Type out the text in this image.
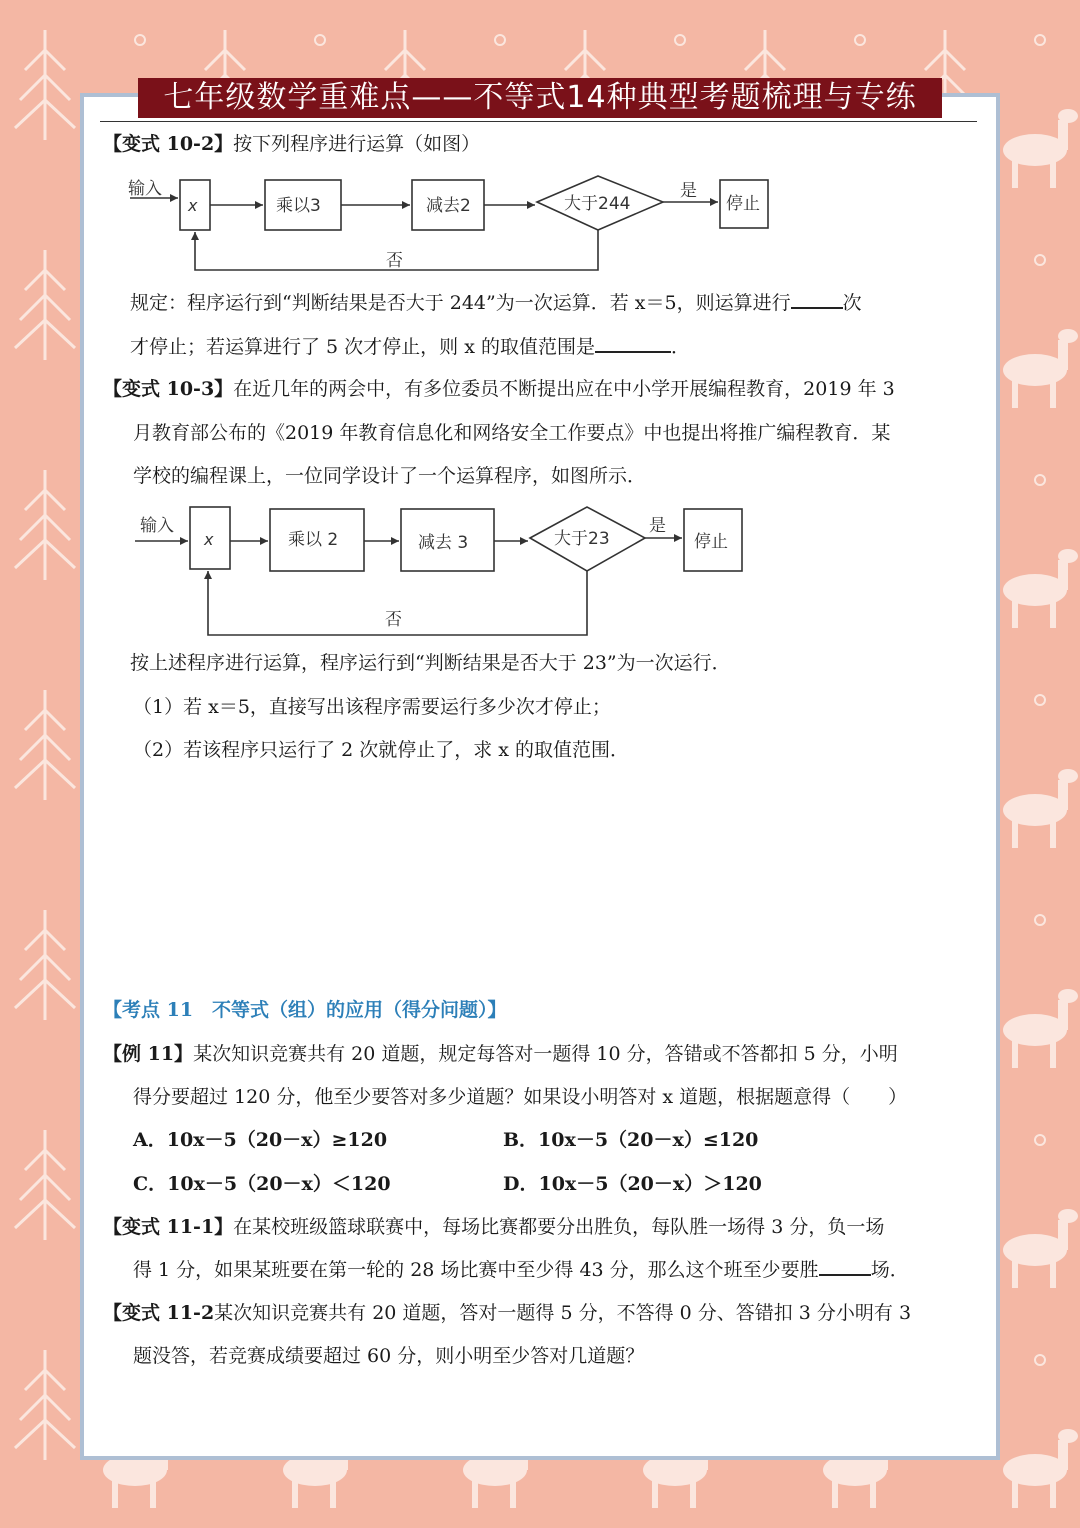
七年级数学重难点——不等式14种典型考题梳理与专练
【变式 10-2】按下列程序进行运算（如图）
输入
x	乘以3	减去2	大于244
是
停止
否
规定：程序运行到“判断结果是否大于 244”为一次运算．若 x＝5，则运算进行	次
才停止；若运算进行了 5 次才停止，则 x 的取值范围是	．
【变式 10-3】在近几年的两会中，有多位委员不断提出应在中小学开展编程教育，2019 年 3
月教育部公布的《2019 年教育信息化和网络安全工作要点》中也提出将推广编程教育．某
学校的编程课上，一位同学设计了一个运算程序，如图所示．
输入
x	乘以 2	减去 3	大于23
是
停止
否
按上述程序进行运算，程序运行到“判断结果是否大于 23”为一次运行．
（1）若 x＝5，直接写出该程序需要运行多少次才停止；
（2）若该程序只运行了 2 次就停止了，求 x 的取值范围．
【考点 11　不等式（组）的应用（得分问题）】
【例 11】某次知识竞赛共有 20 道题，规定每答对一题得 10 分，答错或不答都扣 5 分，小明
得分要超过 120 分，他至少要答对多少道题？如果设小明答对 x 道题，根据题意得（　　）
A．10x－5（20－x）≥120	B．10x－5（20－x）≤120
C．10x－5（20－x）＜120	D．10x－5（20－x）＞120
【变式 11-1】在某校班级篮球联赛中，每场比赛都要分出胜负，每队胜一场得 3 分，负一场
得 1 分，如果某班要在第一轮的 28 场比赛中至少得 43 分，那么这个班至少要胜	场．
【变式 11-2某次知识竞赛共有 20 道题，答对一题得 5 分，不答得 0 分、答错扣 3 分小明有 3
题没答，若竞赛成绩要超过 60 分，则小明至少答对几道题？
